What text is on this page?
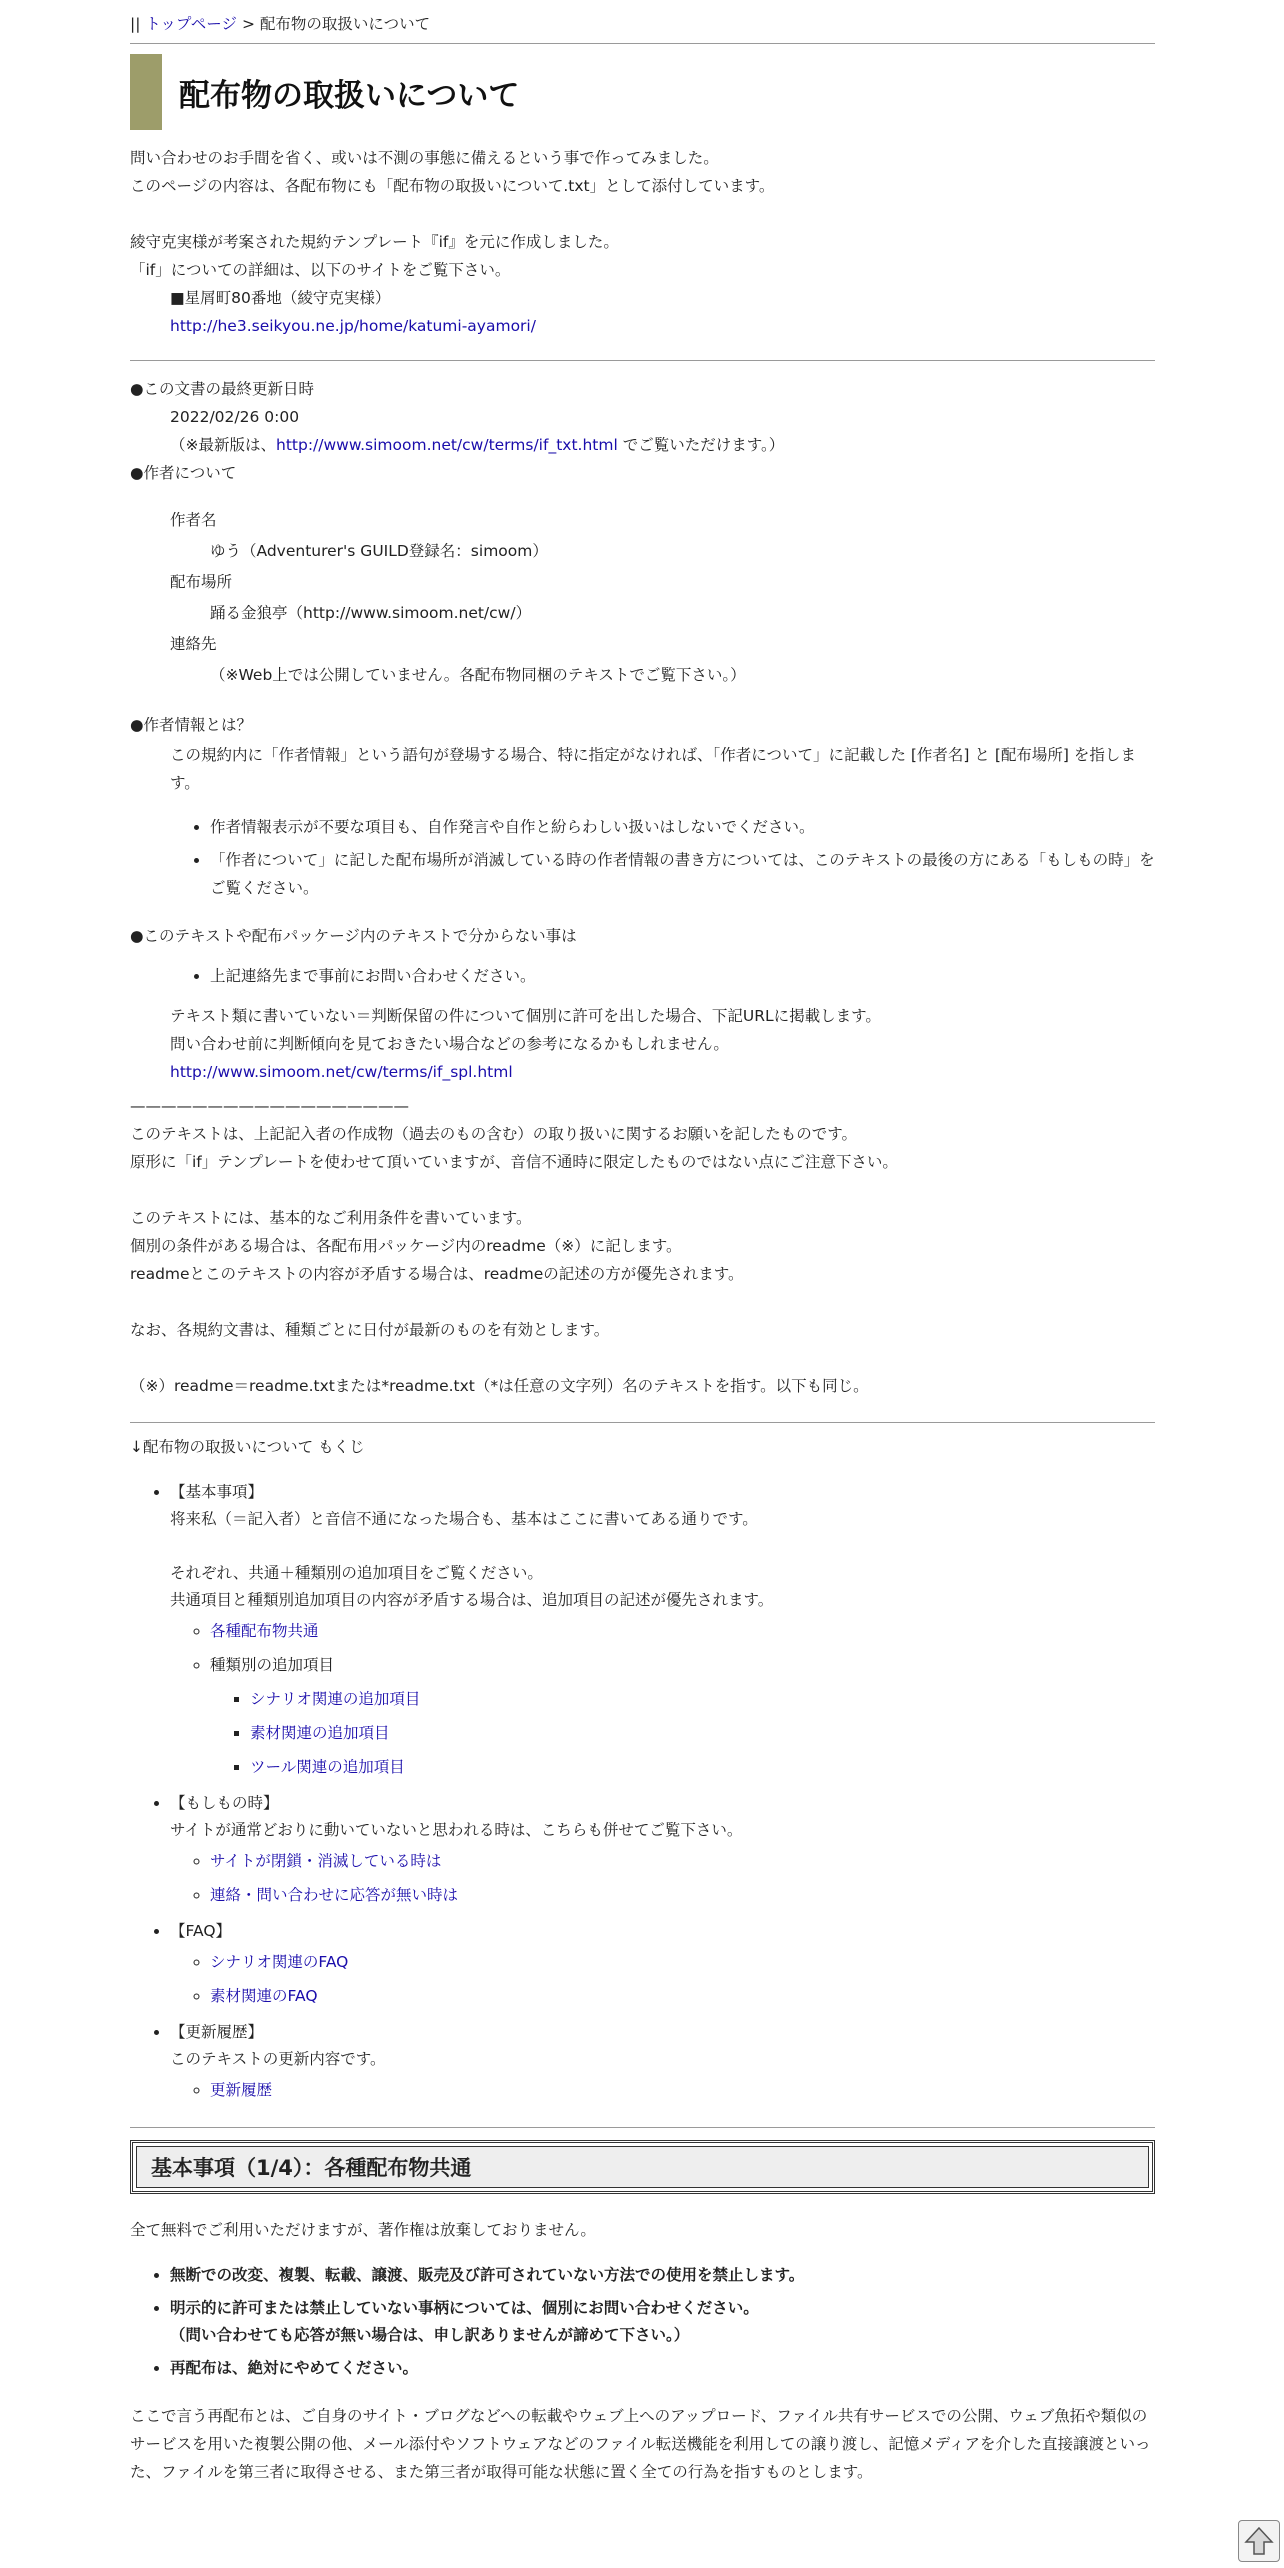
|| トップページ > 配布物の取扱いについて
配布物の取扱いについて

問い合わせのお手間を省く、或いは不測の事態に備えるという事で作ってみました。

このページの内容は、各配布物にも「配布物の取扱いについて.txt」として添付しています。

綾守克実様が考案された規約テンプレート『if』を元に作成しました。

「if」についての詳細は、以下のサイトをご覧下さい。

■星屑町80番地（綾守克実様）

http://he3.seikyou.ne.jp/home/katumi-ayamori/

●この文書の最終更新日時

2022/02/26 0:00

（※最新版は、http://www.simoom.net/cw/terms/if_txt.html でご覧いただけます。）

●作者について

作者名

ゆう（Adventurer's GUILD登録名：simoom）

配布場所

踊る金狼亭（http://www.simoom.net/cw/）

連絡先

（※Web上では公開していません。各配布物同梱のテキストでご覧下さい。）

●作者情報とは？

この規約内に「作者情報」という語句が登場する場合、特に指定がなければ、「作者について」に記載した [作者名] と [配布場所] を指します。

• 作者情報表示が不要な項目も、自作発言や自作と紛らわしい扱いはしないでください。
• 「作者について」に記した配布場所が消滅している時の作者情報の書き方については、このテキストの最後の方にある「もしもの時」をご覧ください。

●このテキストや配布パッケージ内のテキストで分からない事は

• 上記連絡先まで事前にお問い合わせください。

テキスト類に書いていない＝判断保留の件について個別に許可を出した場合、下記URLに掲載します。

問い合わせ前に判断傾向を見ておきたい場合などの参考になるかもしれません。

http://www.simoom.net/cw/terms/if_spl.html

——————————————————

このテキストは、上記記入者の作成物（過去のもの含む）の取り扱いに関するお願いを記したものです。

原形に「if」テンプレートを使わせて頂いていますが、音信不通時に限定したものではない点にご注意下さい。

このテキストには、基本的なご利用条件を書いています。

個別の条件がある場合は、各配布用パッケージ内のreadme（※）に記します。

readmeとこのテキストの内容が矛盾する場合は、readmeの記述の方が優先されます。

なお、各規約文書は、種類ごとに日付が最新のものを有効とします。

（※）readme＝readme.txtまたは*readme.txt（*は任意の文字列）名のテキストを指す。以下も同じ。

↓配布物の取扱いについて もくじ

• 【基本事項】

将来私（＝記入者）と音信不通になった場合も、基本はここに書いてある通りです。

それぞれ、共通＋種類別の追加項目をご覧ください。

共通項目と種類別追加項目の内容が矛盾する場合は、追加項目の記述が優先されます。

◦ 各種配布物共通
◦ 種類別の追加項目
▪ シナリオ関連の追加項目
▪ 素材関連の追加項目
▪ ツール関連の追加項目

• 【もしもの時】

サイトが通常どおりに動いていないと思われる時は、こちらも併せてご覧下さい。

◦ サイトが閉鎖・消滅している時は
◦ 連絡・問い合わせに応答が無い時は

• 【FAQ】

◦ シナリオ関連のFAQ
◦ 素材関連のFAQ

• 【更新履歴】

このテキストの更新内容です。

◦ 更新履歴
基本事項（1/4）：各種配布物共通

全て無料でご利用いただけますが、著作権は放棄しておりません。

• 無断での改変、複製、転載、譲渡、販売及び許可されていない方法での使用を禁止します。
• 明示的に許可または禁止していない事柄については、個別にお問い合わせください。
（問い合わせても応答が無い場合は、申し訳ありませんが諦めて下さい。）
• 再配布は、絶対にやめてください。

ここで言う再配布とは、ご自身のサイト・ブログなどへの転載やウェブ上へのアップロード、ファイル共有サービスでの公開、ウェブ魚拓や類似のサービスを用いた複製公開の他、メール添付やソフトウェアなどのファイル転送機能を利用しての譲り渡し、記憶メディアを介した直接譲渡といった、ファイルを第三者に取得させる、また第三者が取得可能な状態に置く全ての行為を指すものとします。
